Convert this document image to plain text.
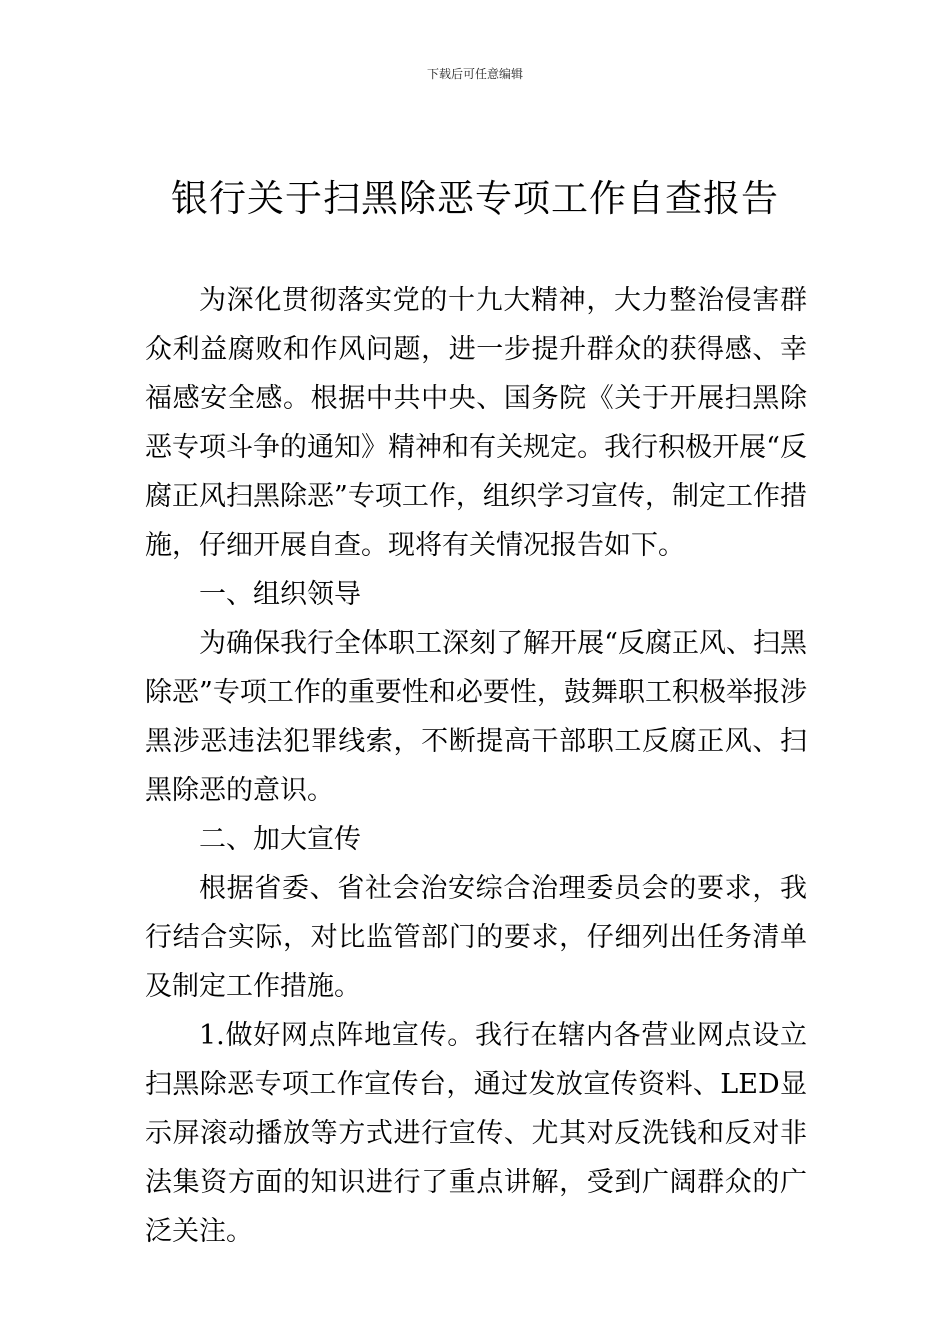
下载后可任意编辑
银行关于扫黑除恶专项工作自查报告

为深化贯彻落实党的十九大精神，大力整治侵害群众利益腐败和作风问题，进一步提升群众的获得感、幸福感安全感。根据中共中央、国务院《关于开展扫黑除恶专项斗争的通知》精神和有关规定。我行积极开展“反腐正风扫黑除恶”专项工作，组织学习宣传，制定工作措施，仔细开展自查。现将有关情况报告如下。

一、组织领导

为确保我行全体职工深刻了解开展“反腐正风、扫黑除恶”专项工作的重要性和必要性，鼓舞职工积极举报涉黑涉恶违法犯罪线索，不断提高干部职工反腐正风、扫黑除恶的意识。

二、加大宣传

根据省委、省社会治安综合治理委员会的要求，我行结合实际，对比监管部门的要求，仔细列出任务清单及制定工作措施。

1.做好网点阵地宣传。我行在辖内各营业网点设立扫黑除恶专项工作宣传台，通过发放宣传资料、LED显示屏滚动播放等方式进行宣传、尤其对反洗钱和反对非法集资方面的知识进行了重点讲解，受到广阔群众的广泛关注。
